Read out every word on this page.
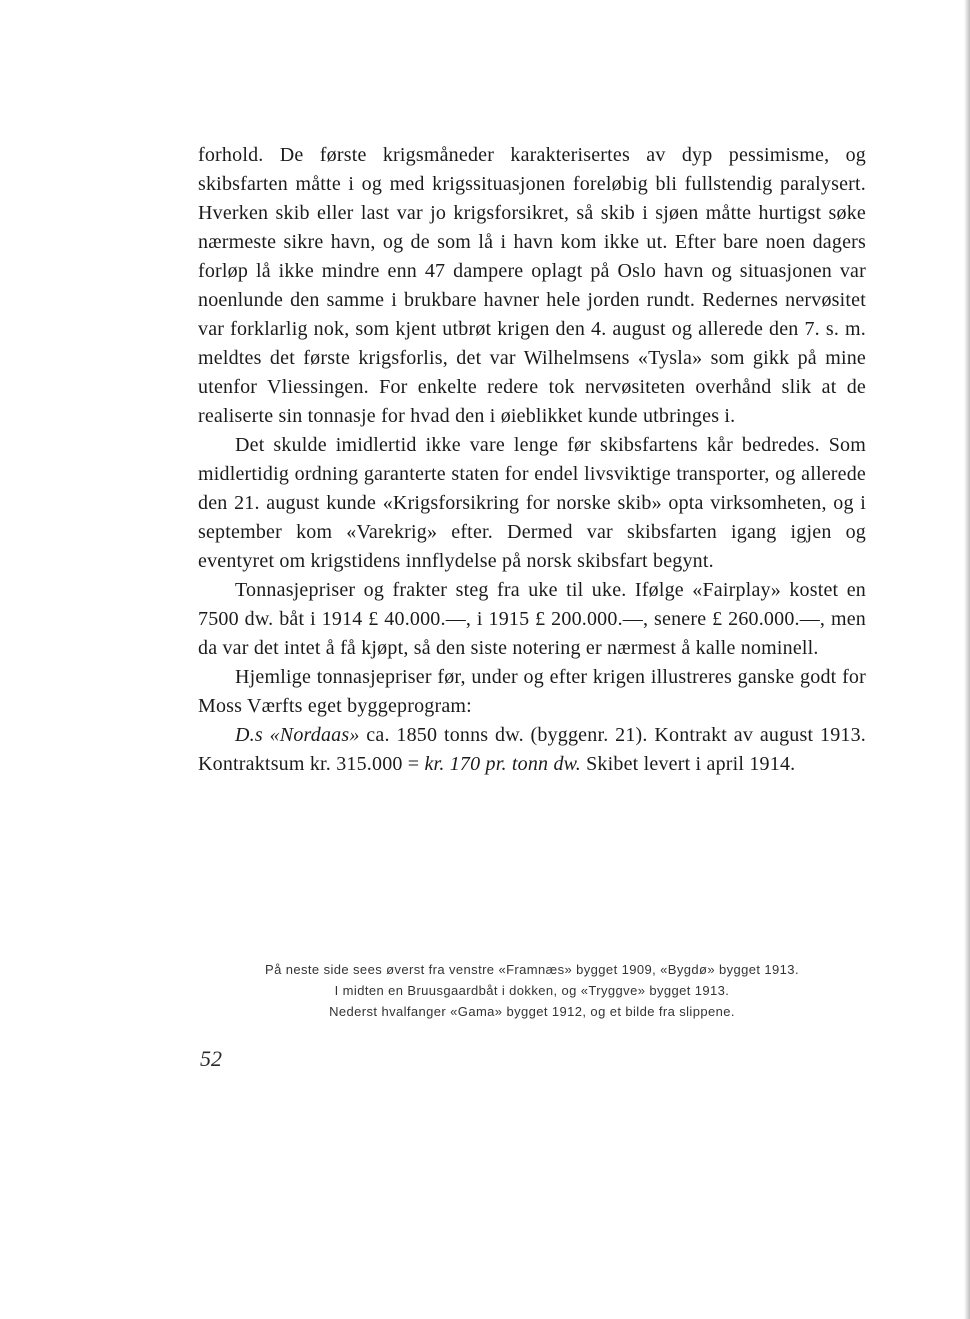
forhold. De første krigsmåneder karakterisertes av dyp pessimisme, og skibsfarten måtte i og med krigssituasjonen foreløbig bli fullstendig paralysert. Hverken skib eller last var jo krigsforsikret, så skib i sjøen måtte hurtigst søke nærmeste sikre havn, og de som lå i havn kom ikke ut. Efter bare noen dagers forløp lå ikke mindre enn 47 dampere oplagt på Oslo havn og situasjonen var noenlunde den samme i brukbare havner hele jorden rundt. Redernes nervøsitet var forklarlig nok, som kjent utbrøt krigen den 4. august og allerede den 7. s. m. meldtes det første krigsforlis, det var Wilhelmsens «Tysla» som gikk på mine utenfor Vliessingen. For enkelte redere tok nervøsiteten overhånd slik at de realiserte sin tonnasje for hvad den i øieblikket kunde utbringes i.

Det skulde imidlertid ikke vare lenge før skibsfartens kår bedredes. Som midlertidig ordning garanterte staten for endel livsviktige transporter, og allerede den 21. august kunde «Krigsforsikring for norske skib» opta virksomheten, og i september kom «Varekrig» efter. Dermed var skibsfarten igang igjen og eventyret om krigstidens innflydelse på norsk skibsfart begynt.

Tonnasjepriser og frakter steg fra uke til uke. Ifølge «Fairplay» kostet en 7500 dw. båt i 1914 £ 40.000.—, i 1915 £ 200.000.—, senere £ 260.000.—, men da var det intet å få kjøpt, så den siste notering er nærmest å kalle nominell.

Hjemlige tonnasjepriser før, under og efter krigen illustreres ganske godt for Moss Værfts eget byggeprogram:

D.s «Nordaas» ca. 1850 tonns dw. (byggenr. 21). Kontrakt av august 1913. Kontraktsum kr. 315.000 = kr. 170 pr. tonn dw. Skibet levert i april 1914.

På neste side sees øverst fra venstre «Framnæs» bygget 1909, «Bygdø» bygget 1913.
I midten en Bruusgaardbåt i dokken, og «Tryggve» bygget 1913.
Nederst hvalfanger «Gama» bygget 1912, og et bilde fra slippene.
52
